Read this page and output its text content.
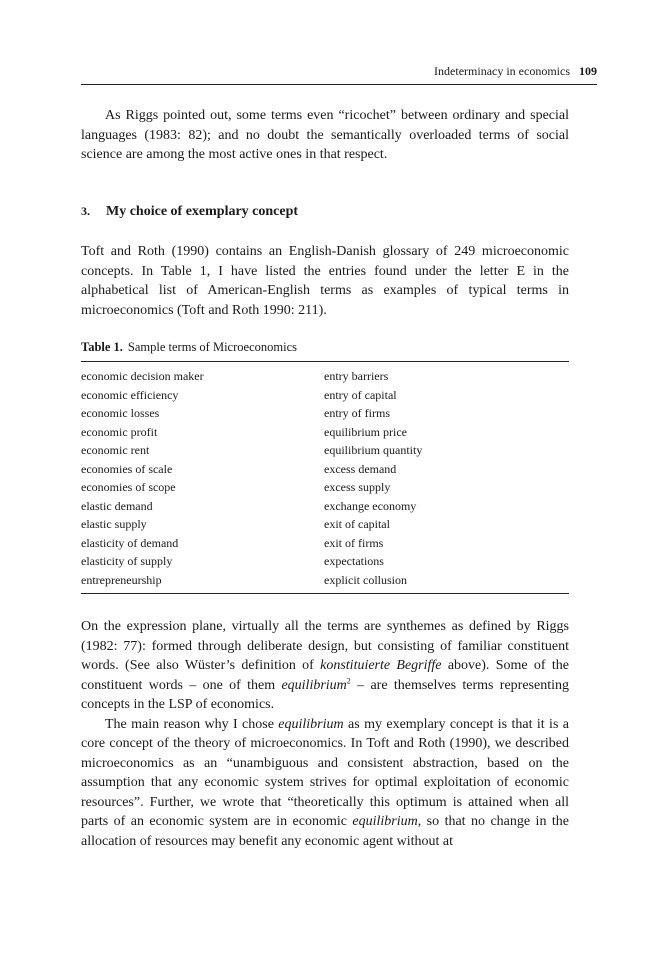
Indeterminacy in economics 109

As Riggs pointed out, some terms even “ricochet” between ordinary and special languages (1983: 82); and no doubt the semantically overloaded terms of social science are among the most active ones in that respect.

3. My choice of exemplary concept

Toft and Roth (1990) contains an English-Danish glossary of 249 microeconomic concepts. In Table 1, I have listed the entries found under the letter E in the alphabetical list of American-English terms as examples of typical terms in microeconomics (Toft and Roth 1990: 211).

Table 1. Sample terms of Microeconomics
economic decision maker	entry barriers
economic efficiency	entry of capital
economic losses	entry of firms
economic profit	equilibrium price
economic rent	equilibrium quantity
economies of scale	excess demand
economies of scope	excess supply
elastic demand	exchange economy
elastic supply	exit of capital
elasticity of demand	exit of firms
elasticity of supply	expectations
entrepreneurship	explicit collusion

On the expression plane, virtually all the terms are synthemes as defined by Riggs (1982: 77): formed through deliberate design, but consisting of familiar constituent words. (See also Wüster’s definition of konstituierte Begriffe above). Some of the constituent words – one of them equilibrium$^2$ – are themselves terms representing concepts in the LSP of economics.

The main reason why I chose equilibrium as my exemplary concept is that it is a core concept of the theory of microeconomics. In Toft and Roth (1990), we described microeconomics as an “unambiguous and consistent abstraction, based on the assumption that any economic system strives for optimal exploitation of economic resources”. Further, we wrote that “theoretically this optimum is attained when all parts of an economic system are in economic equilibrium, so that no change in the allocation of resources may benefit any economic agent without at
